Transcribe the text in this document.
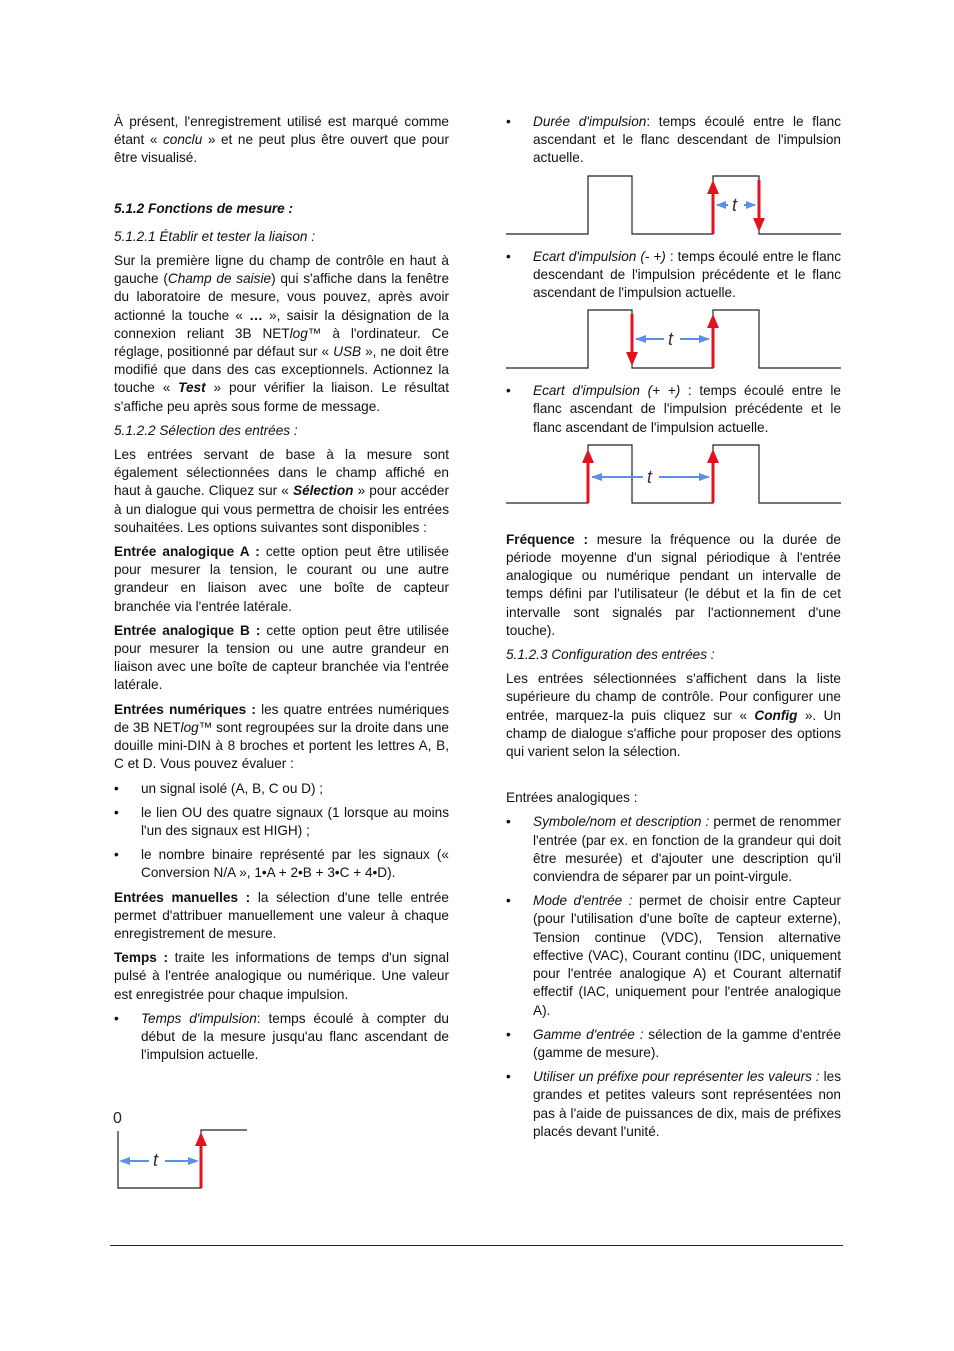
À présent, l'enregistrement utilisé est marqué comme étant « conclu » et ne peut plus être ouvert que pour être visualisé.

5.1.2 Fonctions de mesure :
5.1.2.1 Établir et tester la liaison :

Sur la première ligne du champ de contrôle en haut à gauche (Champ de saisie) qui s'affiche dans la fenêtre du laboratoire de mesure, vous pouvez, après avoir actionné la touche « … », saisir la désignation de la connexion reliant 3B NETlog™ à l'ordinateur. Ce réglage, positionné par défaut sur « USB », ne doit être modifié que dans des cas exceptionnels. Actionnez la touche « Test » pour vérifier la liaison. Le résultat s'affiche peu après sous forme de message.

5.1.2.2 Sélection des entrées :

Les entrées servant de base à la mesure sont également sélectionnées dans le champ affiché en haut à gauche. Cliquez sur « Sélection » pour accéder à un dialogue qui vous permettra de choisir les entrées souhaitées. Les options suivantes sont disponibles :

Entrée analogique A : cette option peut être utilisée pour mesurer la tension, le courant ou une autre grandeur en liaison avec une boîte de capteur branchée via l'entrée latérale.

Entrée analogique B : cette option peut être utilisée pour mesurer la tension ou une autre grandeur en liaison avec une boîte de capteur branchée via l'entrée latérale.

Entrées numériques : les quatre entrées numériques de 3B NETlog™ sont regroupées sur la droite dans une douille mini-DIN à 8 broches et portent les lettres A, B, C et D. Vous pouvez évaluer :

• un signal isolé (A, B, C ou D) ;
• le lien OU des quatre signaux (1 lorsque au moins l'un des signaux est HIGH) ;
• le nombre binaire représenté par les signaux (« Conversion N/A », 1•A + 2•B + 3•C + 4•D).

Entrées manuelles : la sélection d'une telle entrée permet d'attribuer manuellement une valeur à chaque enregistrement de mesure.

Temps : traite les informations de temps d'un signal pulsé à l'entrée analogique ou numérique. Une valeur est enregistrée pour chaque impulsion.

• Temps d'impulsion: temps écoulé à compter du début de la mesure jusqu'au flanc ascendant de l'impulsion actuelle.
0
t
• Durée d'impulsion: temps écoulé entre le flanc ascendant et le flanc descendant de l'impulsion actuelle.
t
• Ecart d'impulsion (- +) : temps écoulé entre le flanc descendant de l'impulsion précédente et le flanc ascendant de l'impulsion actuelle.
t
• Ecart d'impulsion (+ +) : temps écoulé entre le flanc ascendant de l'impulsion précédente et le flanc ascendant de l'impulsion actuelle.
t

Fréquence : mesure la fréquence ou la durée de période moyenne d'un signal périodique à l'entrée analogique ou numérique pendant un intervalle de temps défini par l'utilisateur (le début et la fin de cet intervalle sont signalés par l'actionnement d'une touche).

5.1.2.3 Configuration des entrées :

Les entrées sélectionnées s'affichent dans la liste supérieure du champ de contrôle. Pour configurer une entrée, marquez-la puis cliquez sur « Config ». Un champ de dialogue s'affiche pour proposer des options qui varient selon la sélection.

Entrées analogiques :

• Symbole/nom et description : permet de renommer l'entrée (par ex. en fonction de la grandeur qui doit être mesurée) et d'ajouter une description qu'il conviendra de séparer par un point-virgule.
• Mode d'entrée : permet de choisir entre Capteur (pour l'utilisation d'une boîte de capteur externe), Tension continue (VDC), Tension alternative effective (VAC), Courant continu (IDC, uniquement pour l'entrée analogique A) et Courant alternatif effectif (IAC, uniquement pour l'entrée analogique A).
• Gamme d'entrée : sélection de la gamme d'entrée (gamme de mesure).
• Utiliser un préfixe pour représenter les valeurs : les grandes et petites valeurs sont représentées non pas à l'aide de puissances de dix, mais de préfixes placés devant l'unité.
